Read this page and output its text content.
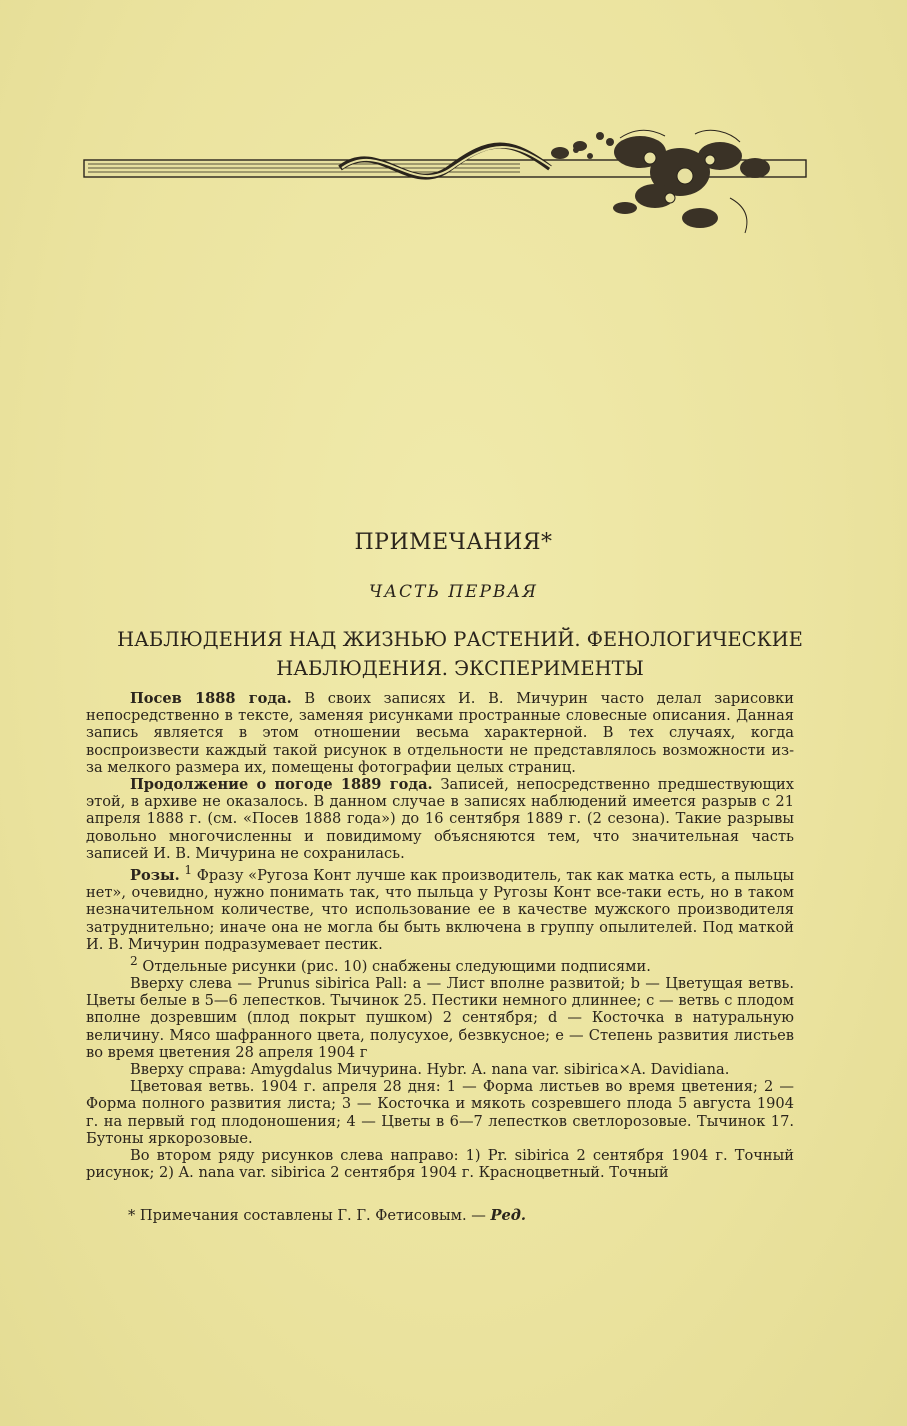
ПРИМЕЧАНИЯ*
ЧАСТЬ ПЕРВАЯ
НАБЛЮДЕНИЯ НАД ЖИЗНЬЮ РАСТЕНИЙ. ФЕНОЛОГИЧЕСКИЕ
НАБЛЮДЕНИЯ. ЭКСПЕРИМЕНТЫ

Посев 1888 года. В своих записях И. В. Мичурин часто делал зарисовки непосредственно в тексте, заменяя рисунками пространные словесные описания. Данная запись является в этом отношении весьма характерной. В тех случаях, когда воспроизвести каждый такой рисунок в отдельности не представлялось возможности из-за мелкого размера их, помещены фотографии целых страниц.

Продолжение о погоде 1889 года. Записей, непосредственно предшествующих этой, в архиве не оказалось. В данном случае в записях наблюдений имеется разрыв с 21 апреля 1888 г. (см. «Посев 1888 года») до 16 сентября 1889 г. (2 сезона). Такие разрывы довольно многочисленны и повидимому объясняются тем, что значительная часть записей И. В. Мичурина не сохранилась.

Розы. $^1$ Фразу «Ругоза Конт лучше как производитель, так как матка есть, а пыльцы нет», очевидно, нужно понимать так, что пыльца у Ругозы Конт все-таки есть, но в таком незначительном количестве, что использование ее в качестве мужского производителя затруднительно; иначе она не могла бы быть включена в группу опылителей. Под маткой И. В. Мичурин подразумевает пестик.

$^2$ Отдельные рисунки (рис. 10) снабжены следующими подписями.

Вверху слева — Prunus sibirica Pall: a — Лист вполне развитой; b — Цветущая ветвь. Цветы белые в 5—6 лепестков. Тычинок 25. Пестики немного длиннее; c — ветвь с плодом вполне дозревшим (плод покрыт пушком) 2 сентября; d — Косточка в натуральную величину. Мясо шафранного цвета, полусухое, безвкусное; e — Степень развития листьев во время цветения 28 апреля 1904 г

Вверху справа: Amygdalus Мичурина. Hybr. A. nana var. sibirica×A. Davidiana.

Цветовая ветвь. 1904 г. апреля 28 дня: 1 — Форма листьев во время цветения; 2 — Форма полного развития листа; 3 — Косточка и мякоть созревшего плода 5 августа 1904 г. на первый год плодоношения; 4 — Цветы в 6—7 лепестков светлорозовые. Тычинок 17. Бутоны яркорозовые.

Во втором ряду рисунков слева направо: 1) Pr. sibirica 2 сентября 1904 г. Точный рисунок; 2) A. nana var. sibirica 2 сентября 1904 г. Красноцветный. Точный

* Примечания составлены Г. Г. Фетисовым. — Ред.
